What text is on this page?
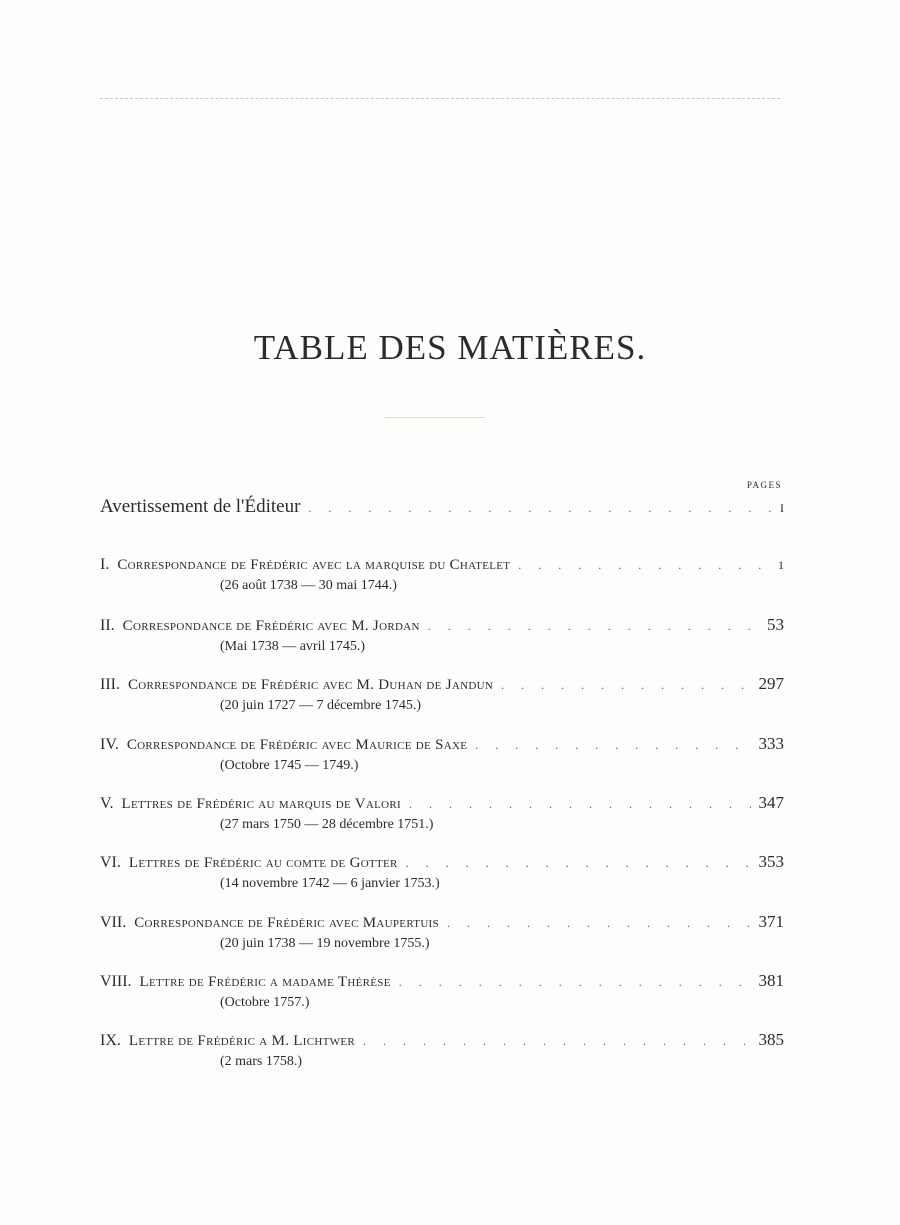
TABLE DES MATIÈRES.
PAGES
Avertissement de l'Éditeur . . .	I
I. Correspondance de Frédéric avec la marquise du Chatelet . . .	1
(26 août 1738 — 30 mai 1744.)
II. Correspondance de Frédéric avec M. Jordan . . .	53
(Mai 1738 — avril 1745.)
III. Correspondance de Frédéric avec M. Duhan de Jandun . . .	297
(20 juin 1727 — 7 décembre 1745.)
IV. Correspondance de Frédéric avec Maurice de Saxe . . .	333
(Octobre 1745 — 1749.)
V. Lettres de Frédéric au marquis de Valori . . .	347
(27 mars 1750 — 28 décembre 1751.)
VI. Lettres de Frédéric au comte de Gotter . . .	353
(14 novembre 1742 — 6 janvier 1753.)
VII. Correspondance de Frédéric avec Maupertuis . . .	371
(20 juin 1738 — 19 novembre 1755.)
VIII. Lettre de Frédéric a madame Thérèse . . .	381
(Octobre 1757.)
IX. Lettre de Frédéric a M. Lichtwer . . .	385
(2 mars 1758.)
